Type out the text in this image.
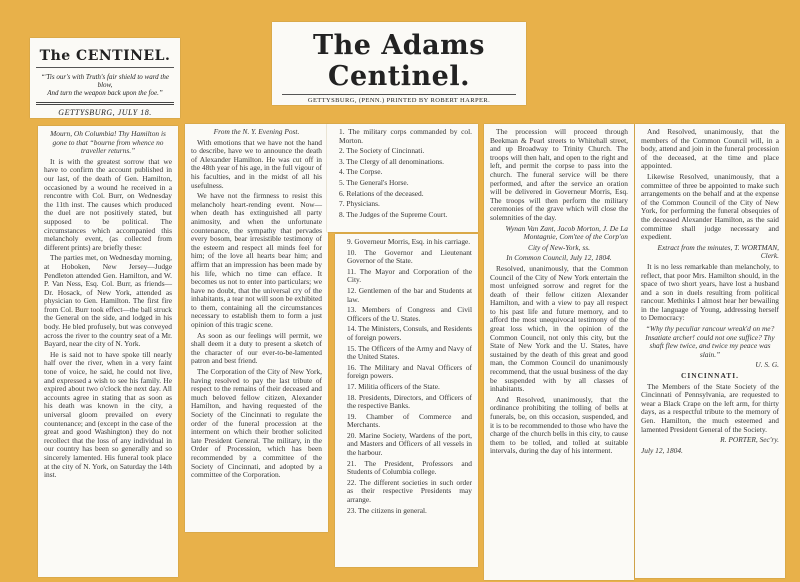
The CENTINEL.
“'Tis our's with Truth's fair shield to ward the blow,
And turn the weapon back upon the foe.”
GETTYSBURG, JULY 18.
The Adams Centinel.
GETTYSBURG, (PENN.) PRINTED BY ROBERT HARPER.

Mourn, Oh Columbia! Thy Hamilton is gone to that “bourne from whence no traveller returns.”

It is with the greatest sorrow that we have to confirm the account published in our last, of the death of Gen. Hamilton, occasioned by a wound he received in a rencontre with Col. Burr, on Wednesday the 11th inst. The causes which produced the duel are not positively stated, but supposed to be political. The circumstances which accompanied this melancholy event, (as collected from different prints) are briefly these:

The parties met, on Wednesday morning, at Hoboken, New Jersey—Judge Pendleton attended Gen. Hamilton, and W. P. Van Ness, Esq. Col. Burr, as friends—Dr. Hosack, of New York, attended as physician to Gen. Hamilton. The first fire from Col. Burr took effect—the ball struck the General on the side, and lodged in his body. He bled profusely, but was conveyed across the river to the country seat of a Mr. Bayard, near the city of N. York.

He is said not to have spoke till nearly half over the river, when in a very faint tone of voice, he said, he could not live, and expressed a wish to see his family. He expired about two o'clock the next day. All accounts agree in stating that as soon as his death was known in the city, a universal gloom prevailed on every countenance; and (except in the case of the great and good Washington) they do not recollect that the loss of any individual in our country has been so generally and so sincerely lamented. His funeral took place at the city of N. York, on Saturday the 14th inst.

From the N. Y. Evening Post.

With emotions that we have not the hand to describe, have we to announce the death of Alexander Hamilton. He was cut off in the 48th year of his age, in the full vigour of his faculties, and in the midst of all his usefulness.

We have not the firmness to resist this melancholy heart-rending event. Now—when death has extinguished all party animosity, and when the unfortunate countenance, the sympathy that pervades every bosom, bear irresistible testimony of the esteem and respect all minds feel for him; of the love all hearts bear him; and affirm that an impression has been made by his life, which no time can efface. It becomes us not to enter into particulars; we have no doubt, that the universal cry of the inhabitants, a tear not will soon be exhibited to them, containing all the circumstances necessary to establish them to form a just opinion of this tragic scene.

As soon as our feelings will permit, we shall deem it a duty to present a sketch of the character of our ever-to-be-lamented patron and best friend.

The Corporation of the City of New York, having resolved to pay the last tribute of respect to the remains of their deceased and much beloved fellow citizen, Alexander Hamilton, and having requested of the Society of the Cincinnati to regulate the order of the funeral procession at the interment on which their brother solicited late President General. The military, in the Order of Procession, which has been recommended by a committee of the Society of Cincinnati, and adopted by a committee of the Corporation.

1. The military corps commanded by col. Morton.

2. The Society of Cincinnati.

3. The Clergy of all denominations.

4. The Corpse.

5. The General's Horse.

6. Relations of the deceased.

7. Physicians.

8. The Judges of the Supreme Court.

9. Governeur Morris, Esq. in his carriage.

10. The Governor and Lieutenant Governor of the State.

11. The Mayor and Corporation of the City.

12. Gentlemen of the bar and Students at law.

13. Members of Congress and Civil Officers of the U. States.

14. The Ministers, Consuls, and Residents of foreign powers.

15. The Officers of the Army and Navy of the United States.

16. The Military and Naval Officers of foreign powers.

17. Militia officers of the State.

18. Presidents, Directors, and Officers of the respective Banks.

19. Chamber of Commerce and Merchants.

20. Marine Society, Wardens of the port, and Masters and Officers of all vessels in the harbour.

21. The President, Professors and Students of Columbia college.

22. The different societies in such order as their respective Presidents may arrange.

23. The citizens in general.

The procession will proceed through Beekman & Pearl streets to Whitehall street, and up Broadway to Trinity Church. The troops will then halt, and open to the right and left, and permit the corpse to pass into the church. The funeral service will be there performed, and after the service an oration will be delivered in Governeur Morris, Esq. The troops will then perform the military ceremonies of the grave which will close the solemnities of the day.

Wynan Van Zant, Jacob Morton, J. De La Montagnie, Com'tee of the Corp'on

City of New-York, ss.

In Common Council, July 12, 1804.

Resolved, unanimously, that the Common Council of the City of New York entertain the most unfeigned sorrow and regret for the death of their fellow citizen Alexander Hamilton, and with a view to pay all respect to his past life and future memory, and to afford the most unequivocal testimony of the great loss which, in the opinion of the Common Council, not only this city, but the State of New York and the U. States, have sustained by the death of this great and good man, the Common Council do unanimously recommend, that the usual business of the day be suspended with by all classes of inhabitants.

And Resolved, unanimously, that the ordinance prohibiting the tolling of bells at funerals, be, on this occasion, suspended, and it is to be recommended to those who have the charge of the church bells in this city, to cause them to be tolled, and tolled at suitable intervals, during the day of his interment.

And Resolved, unanimously, that the members of the Common Council will, in a body, attend and join in the funeral procession of the deceased, at the time and place appointed.

Likewise Resolved, unanimously, that a committee of three be appointed to make such arrangements on the behalf and at the expense of the Common Council of the City of New York, for performing the funeral obsequies of the deceased Alexander Hamilton, as the said committee shall judge necessary and expedient.

Extract from the minutes, T. WORTMAN, Clerk.

It is no less remarkable than melancholy, to reflect, that poor Mrs. Hamilton should, in the space of two short years, have lost a husband and a son in duels resulting from political rancour. Methinks I almost hear her bewailing in the language of Young, addressing herself to Democracy:

“Why thy peculiar rancour wreak'd on me? Insatiate archer! could not one suffice? Thy shaft flew twice, and twice my peace was slain.”

U. S. G.

CINCINNATI.

The Members of the State Society of the Cincinnati of Pennsylvania, are requested to wear a Black Crape on the left arm, for thirty days, as a respectful tribute to the memory of Gen. Hamilton, the much esteemed and lamented President General of the Society.

R. PORTER, Sec'ry.

July 12, 1804.
